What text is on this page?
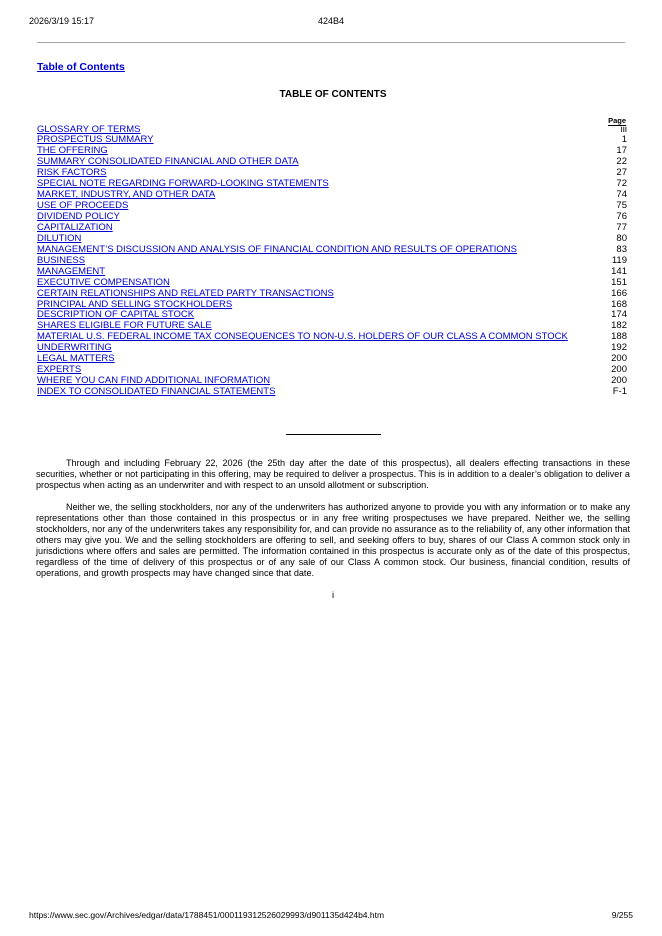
2026/3/19 15:17	424B4
Table of Contents
TABLE OF CONTENTS
Page
GLOSSARY OF TERMS	iii
PROSPECTUS SUMMARY	1
THE OFFERING	17
SUMMARY CONSOLIDATED FINANCIAL AND OTHER DATA	22
RISK FACTORS	27
SPECIAL NOTE REGARDING FORWARD-LOOKING STATEMENTS	72
MARKET, INDUSTRY, AND OTHER DATA	74
USE OF PROCEEDS	75
DIVIDEND POLICY	76
CAPITALIZATION	77
DILUTION	80
MANAGEMENT’S DISCUSSION AND ANALYSIS OF FINANCIAL CONDITION AND RESULTS OF OPERATIONS	83
BUSINESS	119
MANAGEMENT	141
EXECUTIVE COMPENSATION	151
CERTAIN RELATIONSHIPS AND RELATED PARTY TRANSACTIONS	166
PRINCIPAL AND SELLING STOCKHOLDERS	168
DESCRIPTION OF CAPITAL STOCK	174
SHARES ELIGIBLE FOR FUTURE SALE	182
MATERIAL U.S. FEDERAL INCOME TAX CONSEQUENCES TO NON-U.S. HOLDERS OF OUR CLASS A COMMON STOCK	188
UNDERWRITING	192
LEGAL MATTERS	200
EXPERTS	200
WHERE YOU CAN FIND ADDITIONAL INFORMATION	200
INDEX TO CONSOLIDATED FINANCIAL STATEMENTS	F-1

Through and including February 22, 2026 (the 25th day after the date of this prospectus), all dealers effecting transactions in these securities, whether or not participating in this offering, may be required to deliver a prospectus. This is in addition to a dealer’s obligation to deliver a prospectus when acting as an underwriter and with respect to an unsold allotment or subscription.

Neither we, the selling stockholders, nor any of the underwriters has authorized anyone to provide you with any information or to make any representations other than those contained in this prospectus or in any free writing prospectuses we have prepared. Neither we, the selling stockholders, nor any of the underwriters takes any responsibility for, and can provide no assurance as to the reliability of, any other information that others may give you. We and the selling stockholders are offering to sell, and seeking offers to buy, shares of our Class A common stock only in jurisdictions where offers and sales are permitted. The information contained in this prospectus is accurate only as of the date of this prospectus, regardless of the time of delivery of this prospectus or of any sale of our Class A common stock. Our business, financial condition, results of operations, and growth prospects may have changed since that date.

i
https://www.sec.gov/Archives/edgar/data/1788451/000119312526029993/d901135d424b4.htm	9/255
